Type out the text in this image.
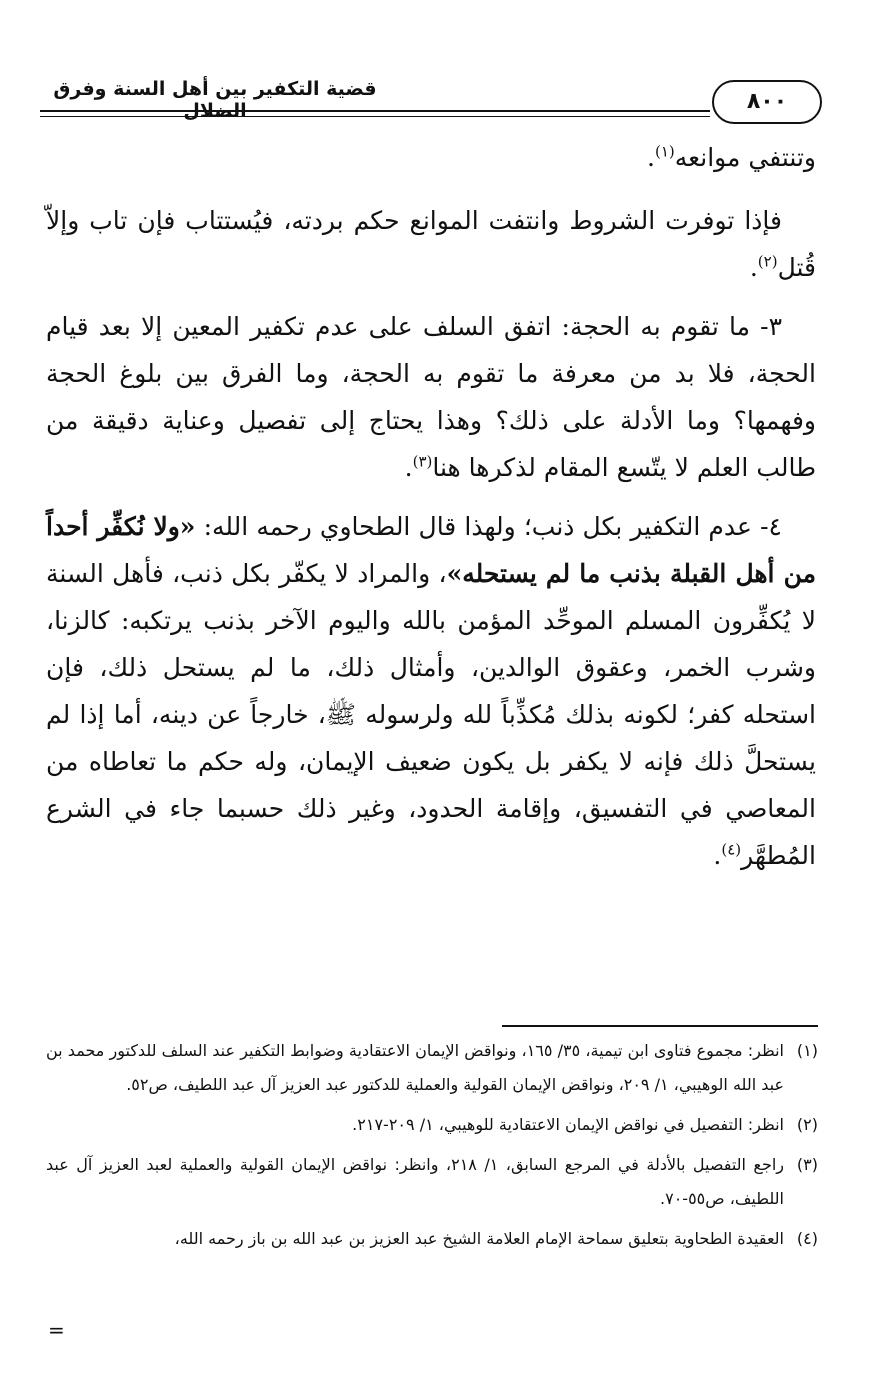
قضية التكفير بين أهل السنة وفرق الضلال	٨٠٠

وتنتفي موانعه$^{(١)}$.

فإذا توفرت الشروط وانتفت الموانع حكم بردته، فيُستتاب فإن تاب وإلاّ قُتل$^{(٢)}$.

٣- ما تقوم به الحجة: اتفق السلف على عدم تكفير المعين إلا بعد قيام الحجة، فلا بد من معرفة ما تقوم به الحجة، وما الفرق بين بلوغ الحجة وفهمها؟ وما الأدلة على ذلك؟ وهذا يحتاج إلى تفصيل وعناية دقيقة من طالب العلم لا يتّسع المقام لذكرها هنا$^{(٣)}$.

٤- عدم التكفير بكل ذنب؛ ولهذا قال الطحاوي رحمه الله: «ولا نُكفِّر أحداً من أهل القبلة بذنب ما لم يستحله»، والمراد لا يكفّر بكل ذنب، فأهل السنة لا يُكفِّرون المسلم الموحِّد المؤمن بالله واليوم الآخر بذنب يرتكبه: كالزنا، وشرب الخمر، وعقوق الوالدين، وأمثال ذلك، ما لم يستحل ذلك، فإن استحله كفر؛ لكونه بذلك مُكذِّباً لله ولرسوله ﷺ، خارجاً عن دينه، أما إذا لم يستحلَّ ذلك فإنه لا يكفر بل يكون ضعيف الإيمان، وله حكم ما تعاطاه من المعاصي في التفسيق، وإقامة الحدود، وغير ذلك حسبما جاء في الشرع المُطهَّر$^{(٤)}$.

(١)
انظر: مجموع فتاوى ابن تيمية، ٣٥/ ١٦٥، ونواقض الإيمان الاعتقادية وضوابط التكفير عند السلف للدكتور محمد بن عبد الله الوهيبي، ١/ ٢٠٩، ونواقض الإيمان القولية والعملية للدكتور عبد العزيز آل عبد اللطيف، ص٥٢.
(٢)
انظر: التفصيل في نواقض الإيمان الاعتقادية للوهيبي، ١/ ٢٠٩-٢١٧.
(٣)
راجع التفصيل بالأدلة في المرجع السابق، ١/ ٢١٨، وانظر: نواقض الإيمان القولية والعملية لعبد العزيز آل عبد اللطيف، ص٥٥-٧٠.
(٤)
العقيدة الطحاوية بتعليق سماحة الإمام العلامة الشيخ عبد العزيز بن عبد الله بن باز رحمه الله،
=
